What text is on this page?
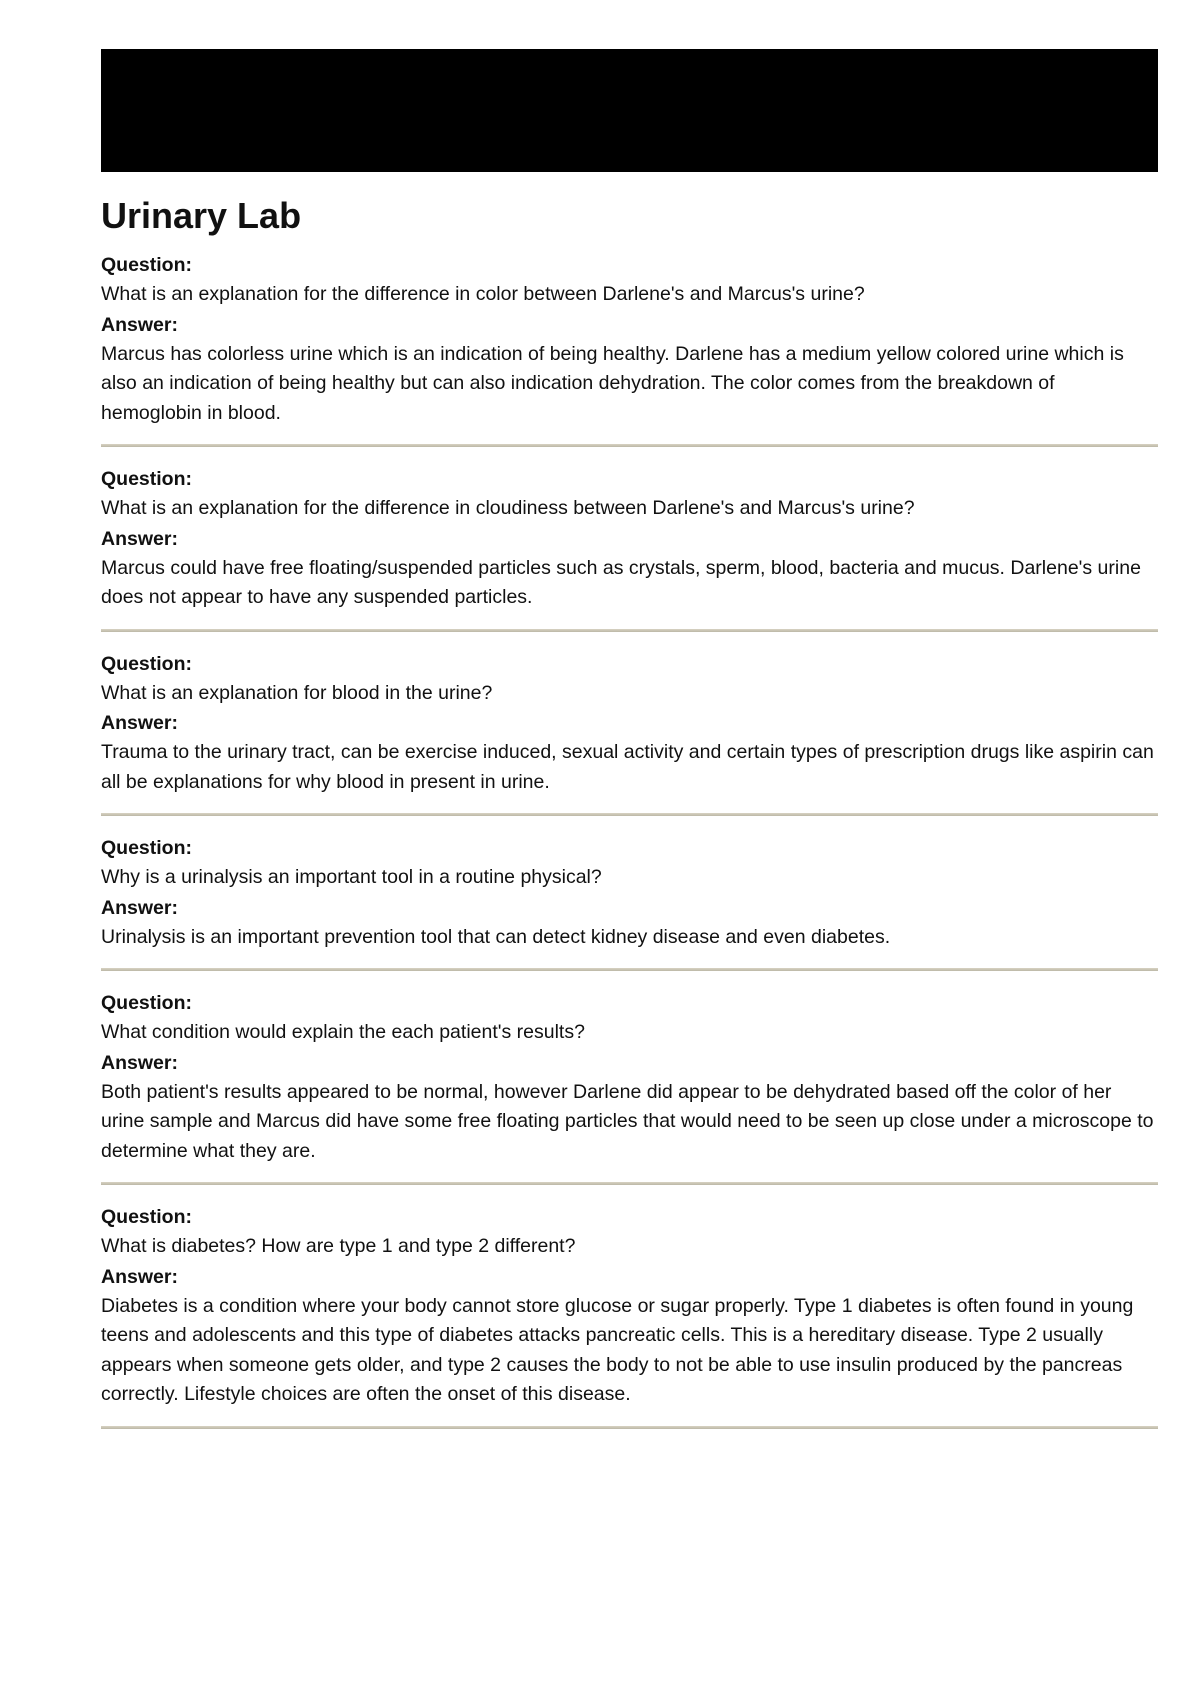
Urinary Lab
Question:
What is an explanation for the difference in color between Darlene's and Marcus's urine?
Answer:
Marcus has colorless urine which is an indication of being healthy. Darlene has a medium yellow colored urine which is also an indication of being healthy but can also indication dehydration. The color comes from the breakdown of hemoglobin in blood.
Question:
What is an explanation for the difference in cloudiness between Darlene's and Marcus's urine?
Answer:
Marcus could have free floating/suspended particles such as crystals, sperm, blood, bacteria and mucus. Darlene's urine does not appear to have any suspended particles.
Question:
What is an explanation for blood in the urine?
Answer:
Trauma to the urinary tract, can be exercise induced, sexual activity and certain types of prescription drugs like aspirin can all be explanations for why blood in present in urine.
Question:
Why is a urinalysis an important tool in a routine physical?
Answer:
Urinalysis is an important prevention tool that can detect kidney disease and even diabetes.
Question:
What condition would explain the each patient's results?
Answer:
Both patient's results appeared to be normal, however Darlene did appear to be dehydrated based off the color of her urine sample and Marcus did have some free floating particles that would need to be seen up close under a microscope to determine what they are.
Question:
What is diabetes? How are type 1 and type 2 different?
Answer:
Diabetes is a condition where your body cannot store glucose or sugar properly. Type 1 diabetes is often found in young teens and adolescents and this type of diabetes attacks pancreatic cells. This is a hereditary disease. Type 2 usually appears when someone gets older, and type 2 causes the body to not be able to use insulin produced by the pancreas correctly. Lifestyle choices are often the onset of this disease.
